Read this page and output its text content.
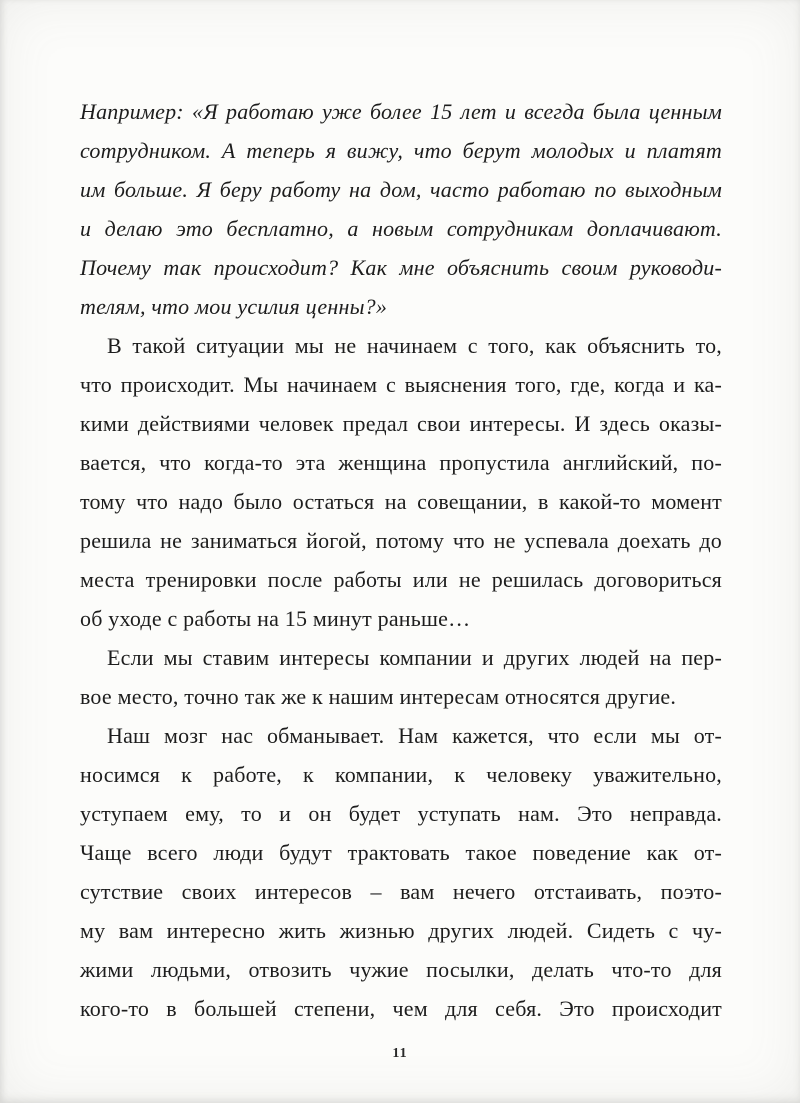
Например: «Я работаю уже более 15 лет и всегда была ценным
сотрудником. А теперь я вижу, что берут молодых и платят
им больше. Я беру работу на дом, часто работаю по выходным
и делаю это бесплатно, а новым сотрудникам доплачивают.
Почему так происходит? Как мне объяснить своим руководи-
телям, что мои усилия ценны?»
В такой ситуации мы не начинаем с того, как объяснить то,
что происходит. Мы начинаем с выяснения того, где, когда и ка-
кими действиями человек предал свои интересы. И здесь оказы-
вается, что когда-то эта женщина пропустила английский, по-
тому что надо было остаться на совещании, в какой-то момент
решила не заниматься йогой, потому что не успевала доехать до
места тренировки после работы или не решилась договориться
об уходе с работы на 15 минут раньше…
Если мы ставим интересы компании и других людей на пер-
вое место, точно так же к нашим интересам относятся другие.
Наш мозг нас обманывает. Нам кажется, что если мы от-
носимся к работе, к компании, к человеку уважительно,
уступаем ему, то и он будет уступать нам. Это неправда.
Чаще всего люди будут трактовать такое поведение как от-
сутствие своих интересов – вам нечего отстаивать, поэто-
му вам интересно жить жизнью других людей. Сидеть с чу-
жими людьми, отвозить чужие посылки, делать что-то для
кого-то в большей степени, чем для себя. Это происходит
11
